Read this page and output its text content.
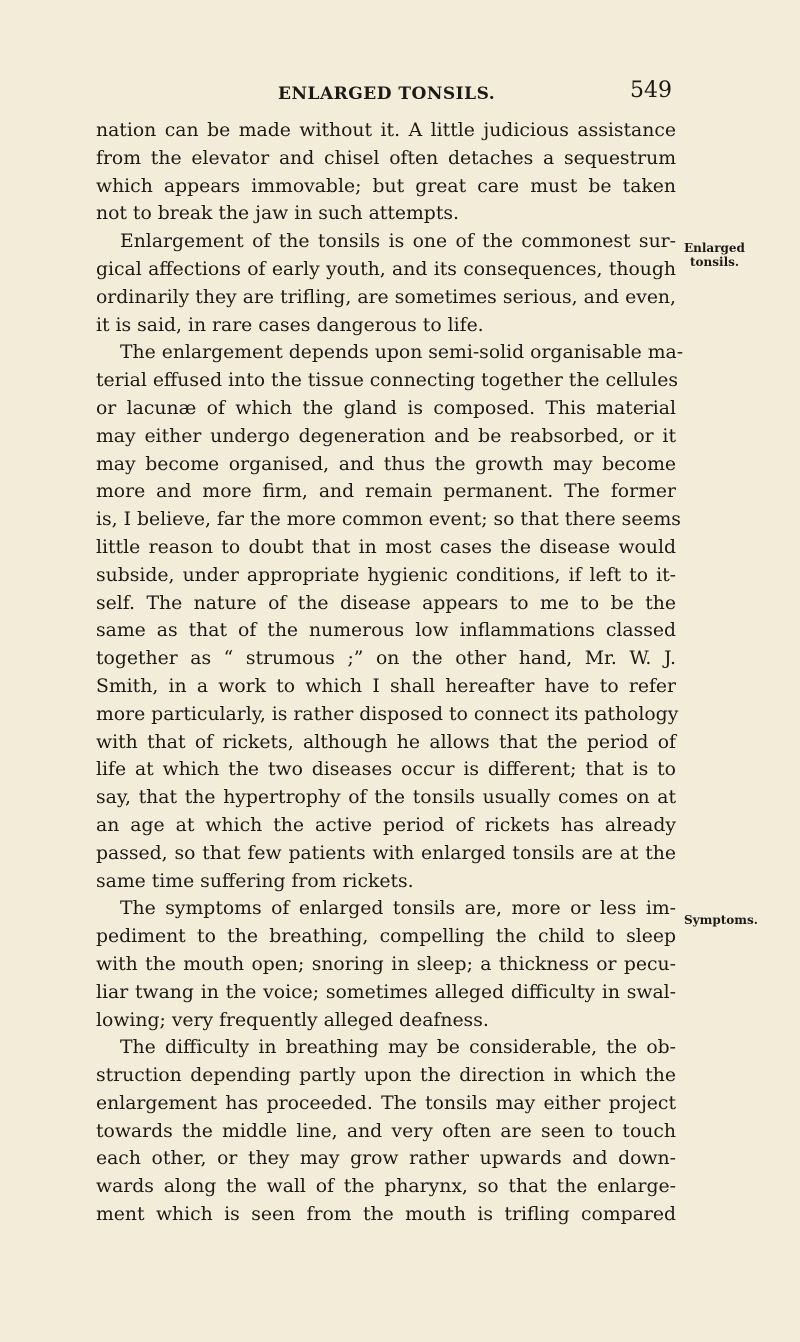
ENLARGED TONSILS.	549
Enlarged
tonsils.
Symptoms.
nation can be made without it. A little judicious assistance
from the elevator and chisel often detaches a sequestrum
which appears immovable; but great care must be taken
not to break the jaw in such attempts.
Enlargement of the tonsils is one of the commonest sur-
gical affections of early youth, and its consequences, though
ordinarily they are trifling, are sometimes serious, and even,
it is said, in rare cases dangerous to life.
The enlargement depends upon semi-solid organisable ma-
terial effused into the tissue connecting together the cellules
or lacunæ of which the gland is composed. This material
may either undergo degeneration and be reabsorbed, or it
may become organised, and thus the growth may become
more and more firm, and remain permanent. The former
is, I believe, far the more common event; so that there seems
little reason to doubt that in most cases the disease would
subside, under appropriate hygienic conditions, if left to it-
self. The nature of the disease appears to me to be the
same as that of the numerous low inflammations classed
together as “ strumous ;” on the other hand, Mr. W. J.
Smith, in a work to which I shall hereafter have to refer
more particularly, is rather disposed to connect its pathology
with that of rickets, although he allows that the period of
life at which the two diseases occur is different; that is to
say, that the hypertrophy of the tonsils usually comes on at
an age at which the active period of rickets has already
passed, so that few patients with enlarged tonsils are at the
same time suffering from rickets.
The symptoms of enlarged tonsils are, more or less im-
pediment to the breathing, compelling the child to sleep
with the mouth open; snoring in sleep; a thickness or pecu-
liar twang in the voice; sometimes alleged difficulty in swal-
lowing; very frequently alleged deafness.
The difficulty in breathing may be considerable, the ob-
struction depending partly upon the direction in which the
enlargement has proceeded. The tonsils may either project
towards the middle line, and very often are seen to touch
each other, or they may grow rather upwards and down-
wards along the wall of the pharynx, so that the enlarge-
ment which is seen from the mouth is trifling compared
